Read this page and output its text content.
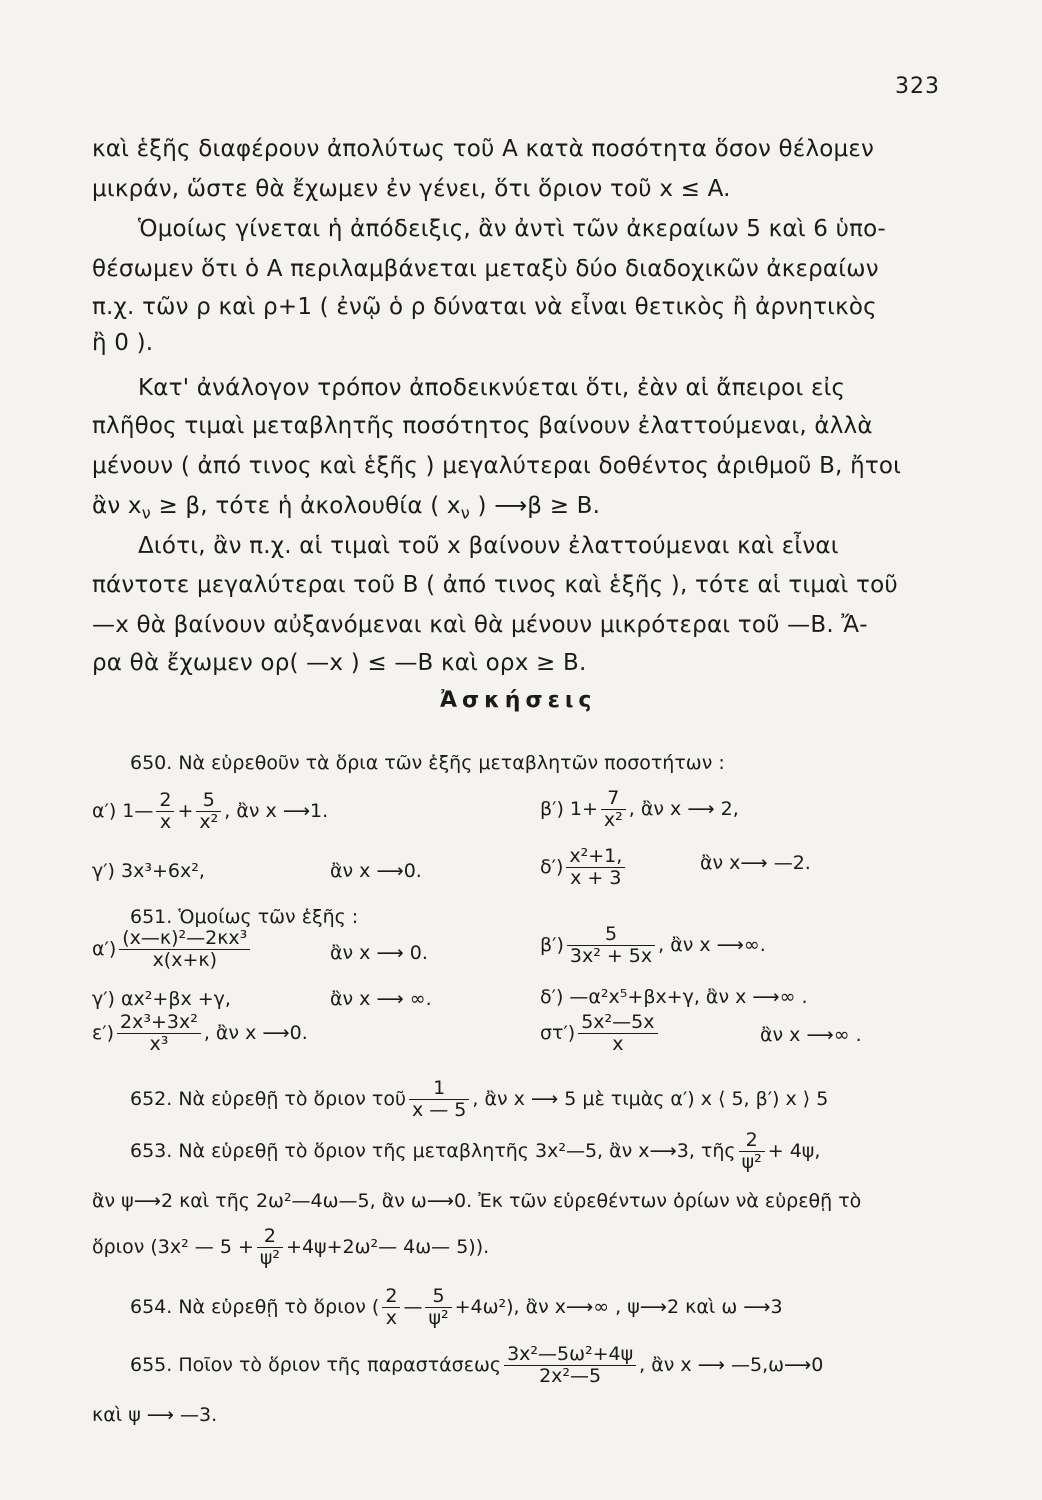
323
καὶ ἑξῆς διαφέρουν ἀπολύτως τοῦ Α κατὰ ποσότητα ὅσον θέλομεν
μικράν, ὥστε θὰ ἔχωμεν ἐν γένει, ὅτι ὅριον τοῦ x ≤ A.
Ὁμοίως γίνεται ἡ ἀπόδειξις, ἂν ἀντὶ τῶν ἀκεραίων 5 καὶ 6 ὑπο-
θέσωμεν ὅτι ὁ Α περιλαμβάνεται μεταξὺ δύο διαδοχικῶν ἀκεραίων
π.χ. τῶν ρ καὶ ρ+1 ( ἐνῷ ὁ ρ δύναται νὰ εἶναι θετικὸς ἢ ἀρνητικὸς
ἢ 0 ).
Κατ' ἀνάλογον τρόπον ἀποδεικνύεται ὅτι, ἐὰν αἱ ἄπειροι εἰς
πλῆθος τιμαὶ μεταβλητῆς ποσότητος βαίνουν ἐλαττούμεναι, ἀλλὰ
μένουν ( ἀπό τινος καὶ ἑξῆς ) μεγαλύτεραι δοθέντος ἀριθμοῦ Β, ἤτοι
ἂν $x_\nu \ge \beta$, τότε ἡ ἀκολουθία ( $x_\nu$ ) ⟶β ≥ Β.
Διότι, ἂν π.χ. αἱ τιμαὶ τοῦ x βαίνουν ἐλαττούμεναι καὶ εἶναι
πάντοτε μεγαλύτεραι τοῦ Β ( ἀπό τινος καὶ ἑξῆς ), τότε αἱ τιμαὶ τοῦ
—x θὰ βαίνουν αὐξανόμεναι καὶ θὰ μένουν μικρότεραι τοῦ —Β. Ἄ-
ρα θὰ ἔχωμεν ορ( —x ) ≤ —Β καὶ ορx ≥ Β.
Ἀσκήσεις
650. Νὰ εὑρεθοῦν τὰ ὅρια τῶν ἑξῆς μεταβλητῶν ποσοτήτων :
α′) 1— $\frac{2}{x} + \frac{5}{\text{x²}}$ , ἂν x ⟶1.	β′) $1+ \frac{7}{\text{x²}}$ , ἂν x ⟶ 2,
γ′) 3x³+6x²,	ἂν x ⟶0.	$\delta') \frac{\text{x²+1,}}{x + 3}$	ἂν x⟶ —2.
651. Ὁμοίως τῶν ἑξῆς :
$\alpha') \frac{\text{(x—κ)²—2κx³}}{x(x+\kappa)}$	ἂν x ⟶ 0.	$\beta') \frac{5}{\text{3x² + 5x}}$ , ἂν x ⟶∞.
γ′) αx²+βx +γ,	ἂν x ⟶ ∞.	δ′) —α²x⁵+βx+γ, ἂν x ⟶∞ .
$\varepsilon') \frac{\text{2x³+3x²}}{\text{x³}}$ , ἂν x ⟶0.	$\sigma\tau') \frac{\text{5x²—5x}}{x}$	ἂν x ⟶∞ .
652. Νὰ εὑρεθῇ τὸ ὅριον τοῦ $\frac{1}{x — 5}$ , ἂν x ⟶ 5 μὲ τιμὰς α′) x ⟨ 5, β′) x ⟩ 5
653. Νὰ εὑρεθῇ τὸ ὅριον τῆς μεταβλητῆς 3x²—5, ἂν x⟶3, τῆς $\frac{2}{\text{ψ²}} + 4\psi$,
ἂν ψ⟶2 καὶ τῆς 2ω²—4ω—5, ἂν ω⟶0. Ἐκ τῶν εὑρεθέντων ὁρίων νὰ εὑρεθῇ τὸ
ὅριον (3x² — $5 + \frac{2}{\text{ψ²}}$ +4ψ+2ω²— 4ω— 5)).
654. Νὰ εὑρεθῇ τὸ ὅριον ( $\frac{2}{x}$ — $\frac{5}{\text{ψ²}} +4\omega^2$), ἂν x⟶∞ , ψ⟶2 καὶ ω ⟶3
655. Ποῖον τὸ ὅριον τῆς παραστάσεως $\frac{\text{3x²—5ω²+4ψ}}{\text{2x²—5}}$ , ἂν x ⟶ —5,ω⟶0
καὶ ψ ⟶ —3.
